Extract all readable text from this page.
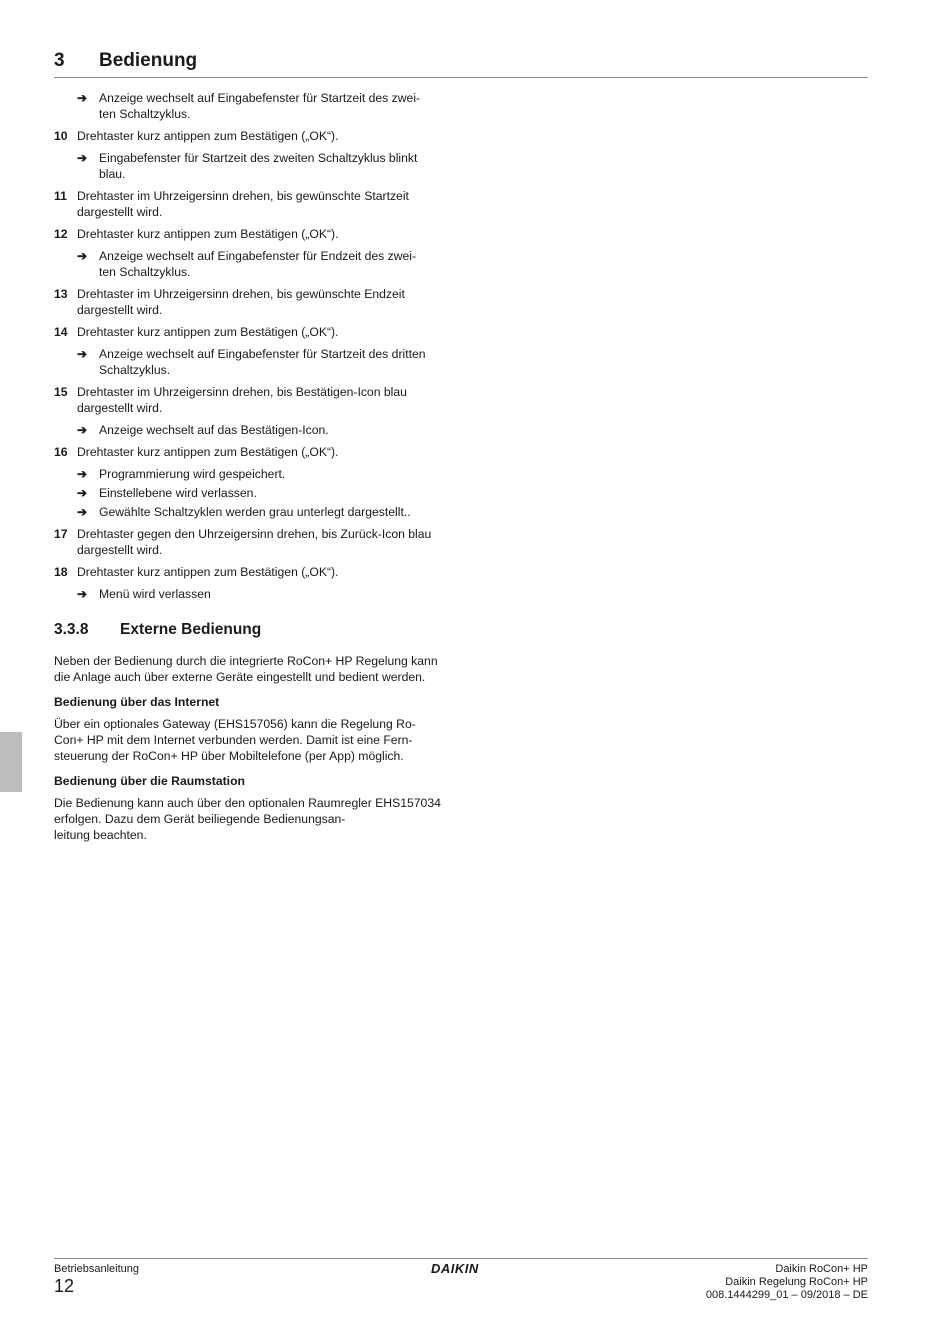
3 Bedienung
➔ Anzeige wechselt auf Eingabefenster für Startzeit des zwei-
ten Schaltzyklus.
10 Drehtaster kurz antippen zum Bestätigen („OK“).
➔ Eingabefenster für Startzeit des zweiten Schaltzyklus blinkt blau.
11 Drehtaster im Uhrzeigersinn drehen, bis gewünschte Startzeit dargestellt wird.
12 Drehtaster kurz antippen zum Bestätigen („OK“).
➔ Anzeige wechselt auf Eingabefenster für Endzeit des zwei-
ten Schaltzyklus.
13 Drehtaster im Uhrzeigersinn drehen, bis gewünschte Endzeit dargestellt wird.
14 Drehtaster kurz antippen zum Bestätigen („OK“).
➔ Anzeige wechselt auf Eingabefenster für Startzeit des dritten Schaltzyklus.
15 Drehtaster im Uhrzeigersinn drehen, bis Bestätigen-Icon blau dargestellt wird.
➔ Anzeige wechselt auf das Bestätigen-Icon.
16 Drehtaster kurz antippen zum Bestätigen („OK“).
➔ Programmierung wird gespeichert.
➔ Einstellebene wird verlassen.
➔ Gewählte Schaltzyklen werden grau unterlegt dargestellt..
17 Drehtaster gegen den Uhrzeigersinn drehen, bis Zurück-Icon blau dargestellt wird.
18 Drehtaster kurz antippen zum Bestätigen („OK“).
➔ Menü wird verlassen
3.3.8 Externe Bedienung

Neben der Bedienung durch die integrierte RoCon+ HP Regelung kann die Anlage auch über externe Geräte eingestellt und bedient werden.

Bedienung über das Internet

Über ein optionales Gateway (EHS157056) kann die Regelung Ro-
Con+ HP mit dem Internet verbunden werden. Damit ist eine Fern-
steuerung der RoCon+ HP über Mobiltelefone (per App) möglich.

Bedienung über die Raumstation

Die Bedienung kann auch über den optionalen Raumregler EHS157034 erfolgen. Dazu dem Gerät beiliegende Bedienungsan-
leitung beachten.

Betriebsanleitung
12
DAIKIN	Daikin RoCon+ HP
Daikin Regelung RoCon+ HP
008.1444299_01 – 09/2018 – DE
